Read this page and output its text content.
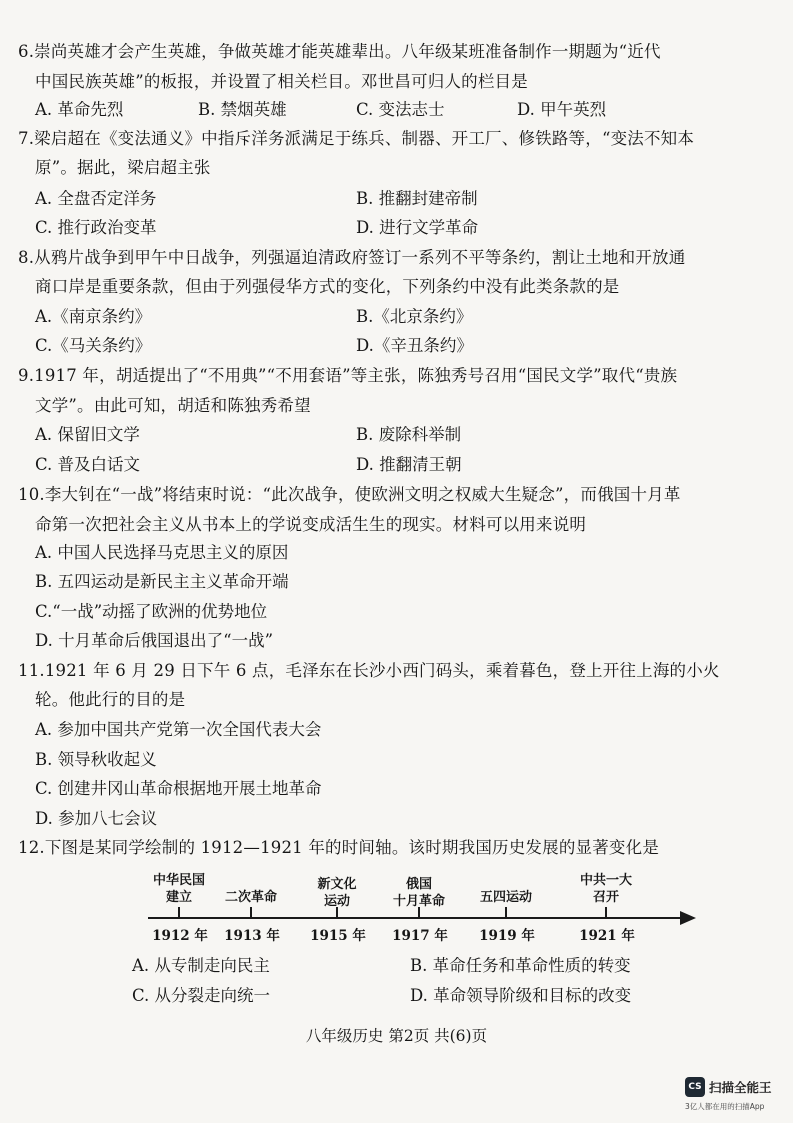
6.崇尚英雄才会产生英雄，争做英雄才能英雄辈出。八年级某班准备制作一期题为“近代
中国民族英雄”的板报，并设置了相关栏目。邓世昌可归人的栏目是
A. 革命先烈	B. 禁烟英雄	C. 变法志士	D. 甲午英烈
7.梁启超在《变法通义》中指斥洋务派满足于练兵、制器、开工厂、修铁路等，“变法不知本
原”。据此，梁启超主张
A. 全盘否定洋务	B. 推翻封建帝制
C. 推行政治变革	D. 进行文学革命
8.从鸦片战争到甲午中日战争，列强逼迫清政府签订一系列不平等条约，割让土地和开放通
商口岸是重要条款，但由于列强侵华方式的变化，下列条约中没有此类条款的是
A.《南京条约》	B.《北京条约》
C.《马关条约》	D.《辛丑条约》
9.1917 年，胡适提出了“不用典”“不用套语”等主张，陈独秀号召用“国民文学”取代“贵族
文学”。由此可知，胡适和陈独秀希望
A. 保留旧文学	B. 废除科举制
C. 普及白话文	D. 推翻清王朝
10.李大钊在“一战”将结束时说：“此次战争，使欧洲文明之权威大生疑念”，而俄国十月革
命第一次把社会主义从书本上的学说变成活生生的现实。材料可以用来说明
A. 中国人民选择马克思主义的原因
B. 五四运动是新民主主义革命开端
C.“一战”动摇了欧洲的优势地位
D. 十月革命后俄国退出了“一战”
11.1921 年 6 月 29 日下午 6 点，毛泽东在长沙小西门码头，乘着暮色，登上开往上海的小火
轮。他此行的目的是
A. 参加中国共产党第一次全国代表大会
B. 领导秋收起义
C. 创建井冈山革命根据地开展土地革命
D. 参加八七会议
12.下图是某同学绘制的 1912—1921 年的时间轴。该时期我国历史发展的显著变化是
中华民国
建立	二次革命
新文化
运动
俄国
十月革命	五四运动
中共一大
召开
1912 年	1913 年	1915 年	1917 年	1919 年	1921 年
A. 从专制走向民主	B. 革命任务和革命性质的转变
C. 从分裂走向统一	D. 革命领导阶级和目标的改变
八年级历史 第2页 共(6)页
CS 扫描全能王
3亿人都在用的扫描App
